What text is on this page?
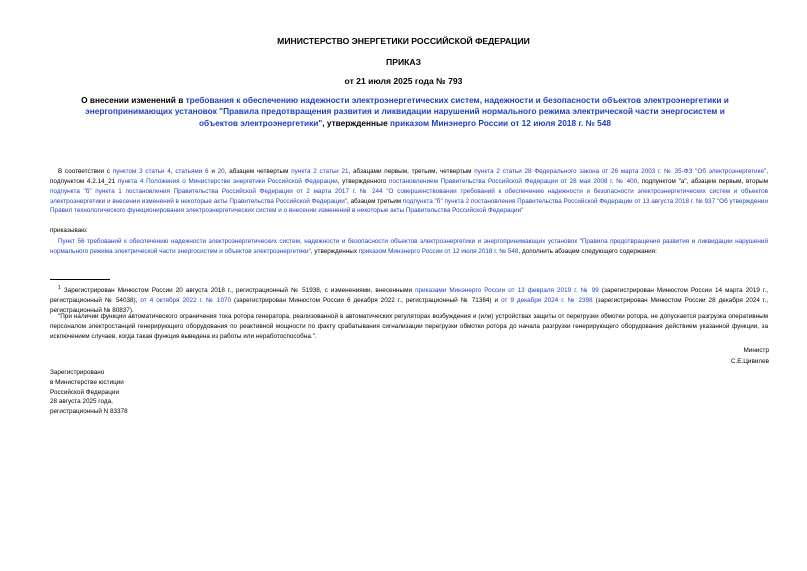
МИНИСТЕРСТВО ЭНЕРГЕТИКИ РОССИЙСКОЙ ФЕДЕРАЦИИ
ПРИКАЗ
от 21 июля 2025 года № 793
О внесении изменений в требования к обеспечению надежности электроэнергетических систем, надежности и безопасности объектов электроэнергетики и энергопринимающих установок "Правила предотвращения развития и ликвидации нарушений нормального режима электрической части энергосистем и объектов электроэнергетики", утвержденные приказом Минэнерго России от 12 июля 2018 г. № 548
В соответствии с пунктом 3 статьи 4, статьями 6 и 20, абзацем четвертым пункта 2 статьи 21, абзацами первым, третьим, четвертым пункта 2 статьи 28 Федерального закона от 26 марта 2003 г. № 35-ФЗ "Об электроэнергетике", подпунктом 4.2.14_21 пункта 4 Положения о Министерстве энергетики Российской Федерации, утвержденного постановлением Правительства Российской Федерации от 28 мая 2008 г. № 400, подпунктом "а", абзацем первым, вторым подпункта "б" пункта 1 постановления Правительства Российской Федерации от 2 марта 2017 г. № 244 "О совершенствовании требований к обеспечению надежности и безопасности электроэнергетических систем и объектов электроэнергетики и внесении изменений в некоторые акты Правительства Российской Федерации", абзацем третьим подпункта "б" пункта 2 постановления Правительства Российской Федерации от 13 августа 2018 г. № 937 "Об утверждении Правил технологического функционирования электроэнергетических систем и о внесении изменений в некоторые акты Правительства Российской Федерации"
приказываю:
Пункт 56 требований к обеспечению надежности электроэнергетических систем, надежности и безопасности объектов электроэнергетики и энергопринимающих установок "Правила предотвращения развития и ликвидации нарушений нормального режима электрической части энергосистем и объектов электроэнергетики", утвержденных приказом Минэнерго России от 12 июля 2018 г. № 548, дополнить абзацем следующего содержания:
$^1$ Зарегистрирован Минюстом России 20 августа 2018 г., регистрационный № 51938, с изменениями, внесенными приказами Минэнерго России от 13 февраля 2019 г. № 99 (зарегистрирован Минюстом России 14 марта 2019 г., регистрационный № 54038), от 4 октября 2022 г. № 1070 (зарегистрирован Минюстом России 6 декабря 2022 г., регистрационный № 71384) и от 9 декабря 2024 г. № 2398 (зарегистрирован Минюстом России 28 декабря 2024 г., регистрационный № 80837).
"При наличии функции автоматического ограничения тока ротора генератора, реализованной в автоматических регуляторах возбуждения и (или) устройствах защиты от перегрузки обмотки ротора, не допускается разгрузка оперативным персоналом электростанций генерирующего оборудования по реактивной мощности по факту срабатывания сигнализации перегрузки обмотки ротора до начала разгрузки генерирующего оборудования действием указанной функции, за исключением случаев, когда такая функция выведена из работы или неработоспособна.".
Министр
С.Е.Цивилев
Зарегистрировано
в Министерстве юстиции
Российской Федерации
28 августа 2025 года,
регистрационный N 83378
